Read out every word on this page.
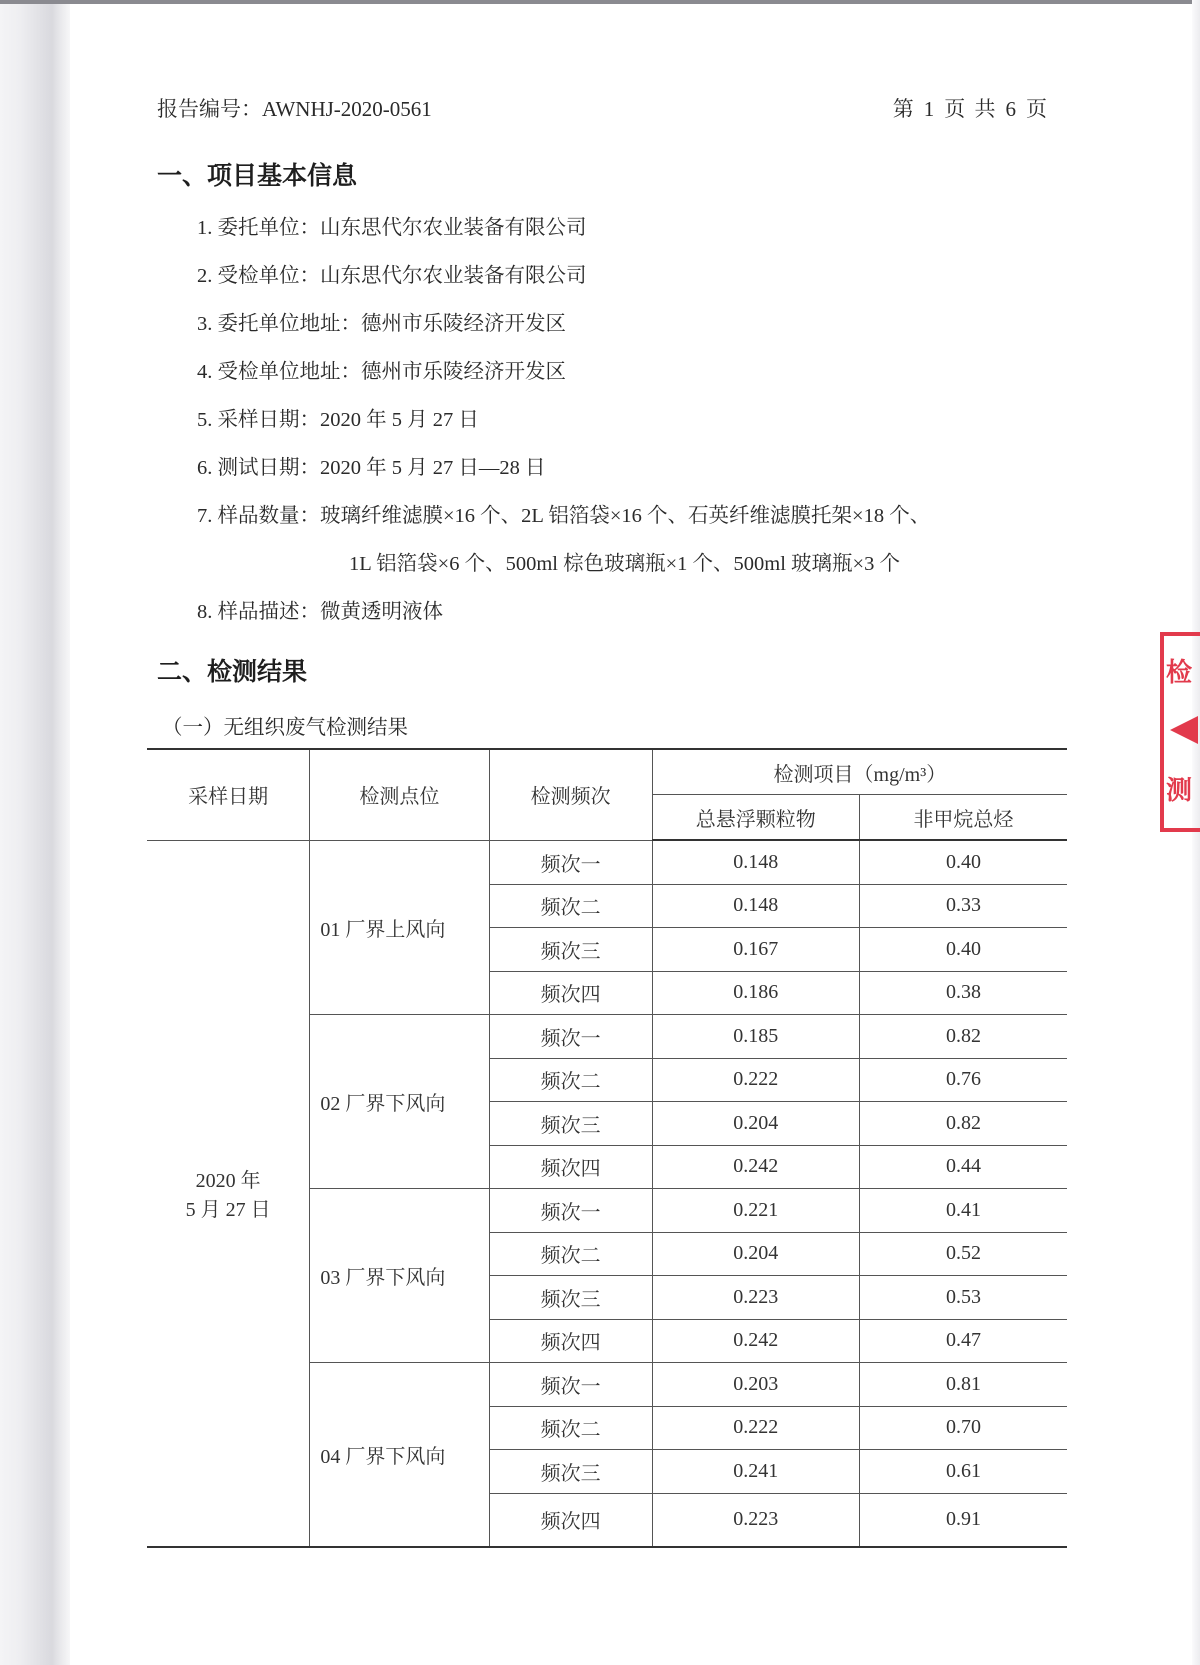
报告编号：AWNHJ-2020-0561	第 1 页 共 6 页
一、项目基本信息
1. 委托单位：山东思代尔农业装备有限公司
2. 受检单位：山东思代尔农业装备有限公司
3. 委托单位地址：德州市乐陵经济开发区
4. 受检单位地址：德州市乐陵经济开发区
5. 采样日期：2020 年 5 月 27 日
6. 测试日期：2020 年 5 月 27 日—28 日
7. 样品数量：玻璃纤维滤膜×16 个、2L 铝箔袋×16 个、石英纤维滤膜托架×18 个、
1L 铝箔袋×6 个、500ml 棕色玻璃瓶×1 个、500ml 玻璃瓶×3 个
8. 样品描述：微黄透明液体
二、检测结果
（一）无组织废气检测结果
采样日期	检测点位	检测频次	检测项目（mg/m³）	
			总悬浮颗粒物	非甲烷总烃
2020 年
5 月 27 日	01 厂界上风向	频次一	0.148	0.40
		频次二	0.148	0.33
		频次三	0.167	0.40
		频次四	0.186	0.38
	02 厂界下风向	频次一	0.185	0.82
		频次二	0.222	0.76
		频次三	0.204	0.82
		频次四	0.242	0.44
	03 厂界下风向	频次一	0.221	0.41
		频次二	0.204	0.52
		频次三	0.223	0.53
		频次四	0.242	0.47
	04 厂界下风向	频次一	0.203	0.81
		频次二	0.222	0.70
		频次三	0.241	0.61
		频次四	0.223	0.91
检
测
